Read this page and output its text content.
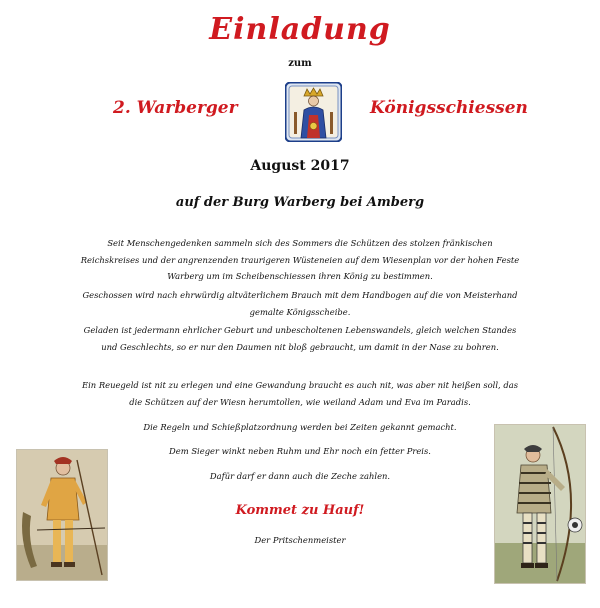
Einladung
zum
2. Warberger	Königsschiessen
August 2017
auf der Burg Warberg bei Amberg
Seit Menschengedenken sammeln sich des Sommers die Schützen des stolzen fränkischen Reichskreises und der angrenzenden traurigeren Wüsteneien auf dem Wiesenplan vor der hohen Feste Warberg um im Scheibenschiessen ihren König zu bestimmen.
Geschossen wird nach ehrwürdig altväterlichem Brauch mit dem Handbogen auf die von Meisterhand gemalte Königsscheibe.
Geladen ist jedermann ehrlicher Geburt und unbescholtenen Lebenswandels, gleich welchen Standes und Geschlechts, so er nur den Daumen nit bloß gebraucht, um damit in der Nase zu bohren.
Ein Reuegeld ist nit zu erlegen und eine Gewandung braucht es auch nit, was aber nit heißen soll, das die Schützen auf der Wiesn herumtollen, wie weiland Adam und Eva im Paradis.
Die Regeln und Schießplatzordnung werden bei Zeiten gekannt gemacht.
Dem Sieger winkt neben Ruhm und Ehr noch ein fetter Preis.
Dafür darf er dann auch die Zeche zahlen.
Kommet zu Hauf!
Der Pritschenmeister
